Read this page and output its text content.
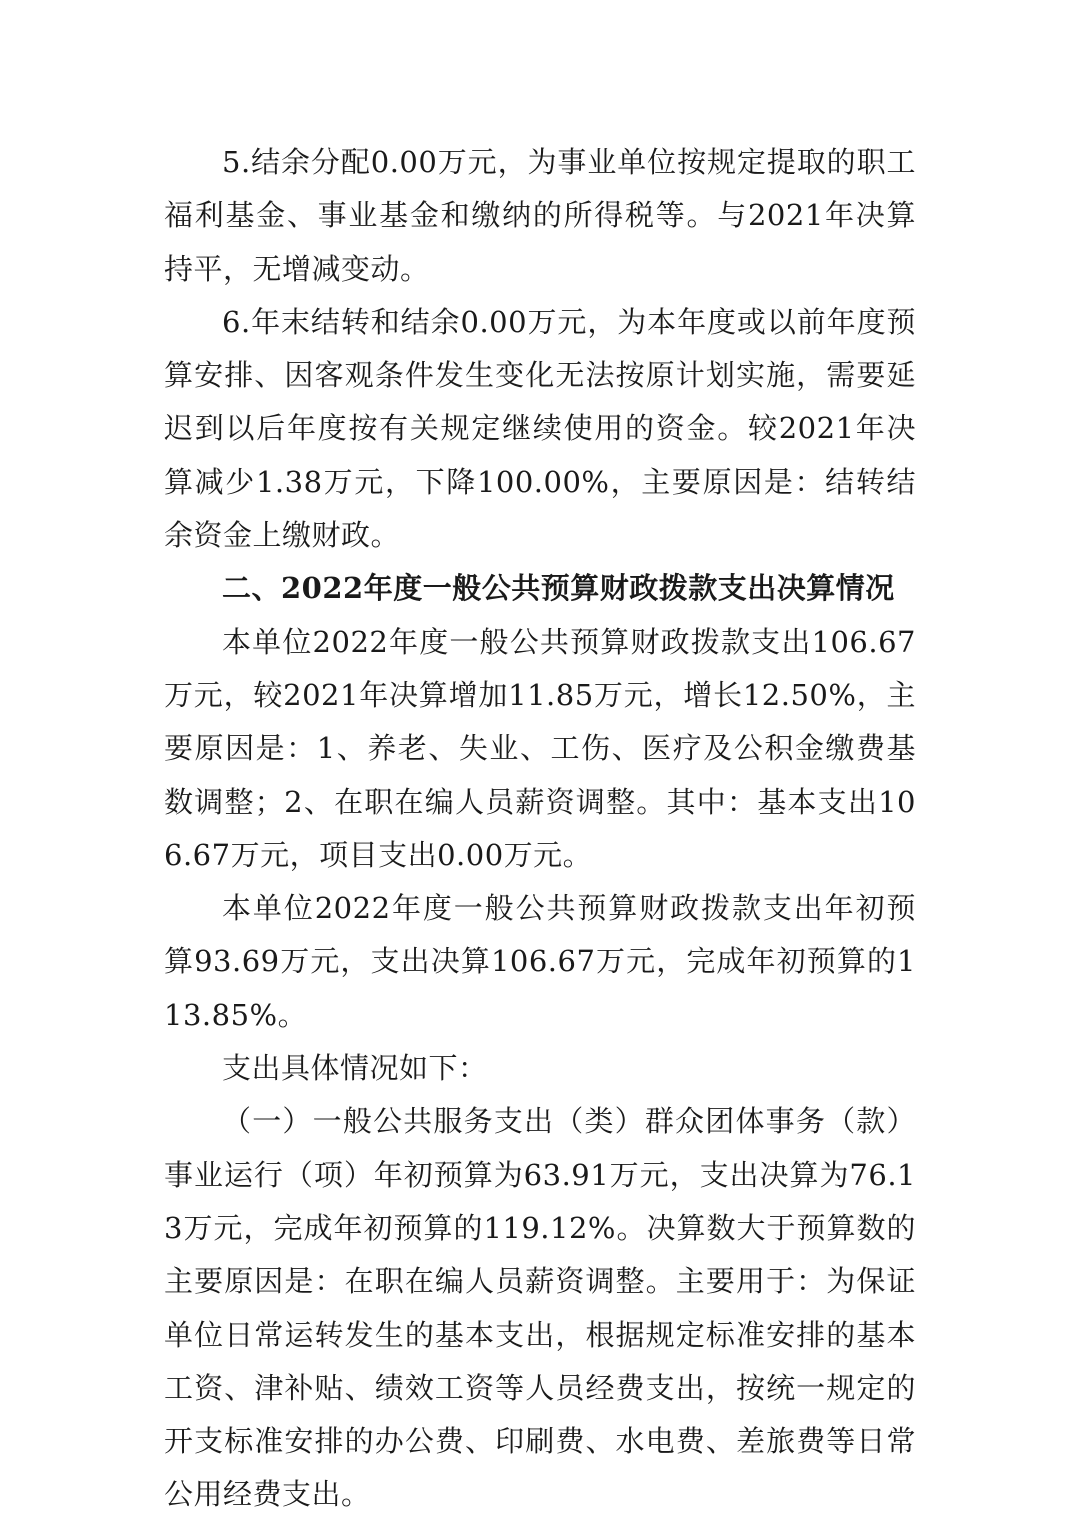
5.结余分配0.00万元，为事业单位按规定提取的职工福利基金、事业基金和缴纳的所得税等。与2021年决算持平，无增减变动。

6.年末结转和结余0.00万元，为本年度或以前年度预算安排、因客观条件发生变化无法按原计划实施，需要延迟到以后年度按有关规定继续使用的资金。较2021年决算减少1.38万元，下降100.00%，主要原因是：结转结余资金上缴财政。

二、2022年度一般公共预算财政拨款支出决算情况

本单位2022年度一般公共预算财政拨款支出106.67万元，较2021年决算增加11.85万元，增长12.50%，主要原因是：1、养老、失业、工伤、医疗及公积金缴费基数调整；2、在职在编人员薪资调整。其中：基本支出106.67万元，项目支出0.00万元。

本单位2022年度一般公共预算财政拨款支出年初预算93.69万元，支出决算106.67万元，完成年初预算的113.85%。

支出具体情况如下：

（一）一般公共服务支出（类）群众团体事务（款）事业运行（项）年初预算为63.91万元，支出决算为76.13万元，完成年初预算的119.12%。决算数大于预算数的主要原因是：在职在编人员薪资调整。主要用于：为保证单位日常运转发生的基本支出，根据规定标准安排的基本工资、津补贴、绩效工资等人员经费支出，按统一规定的开支标准安排的办公费、印刷费、水电费、差旅费等日常公用经费支出。
